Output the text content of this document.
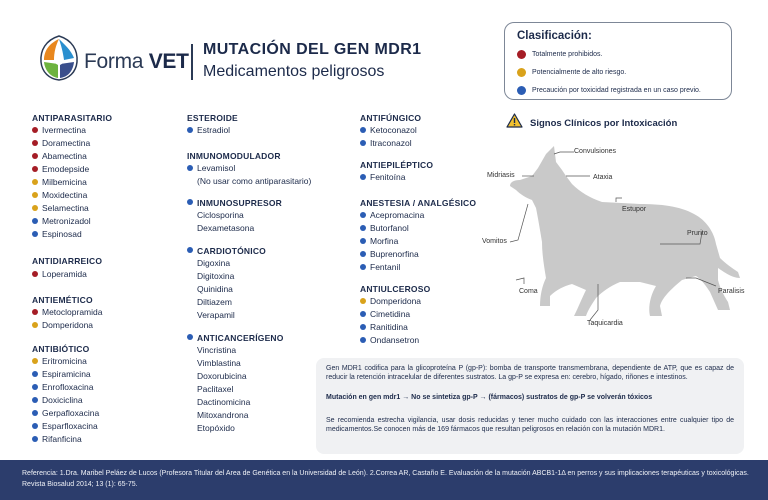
Forma VET
MUTACIÓN DEL GEN MDR1
Medicamentos peligrosos
Clasificación:
Totalmente prohibidos.
Potencialmente de alto riesgo.
Precaución por toxicidad registrada en un caso previo.
ANTIPARASITARIO
Ivermectina
Doramectina
Abamectina
Emodepside
Milbemicina
Moxidectina
Selamectina
Metronizadol
Espinosad
ANTIDIARREICO
Loperamida
ANTIEMÉTICO
Metoclopramida
Domperidona
ANTIBIÓTICO
Eritromicina
Espiramicina
Enrofloxacina
Doxiciclina
Gerpafloxacina
Esparfloxacina
Rifanficina
ESTEROIDE
Estradiol
INMUNOMODULADOR
Levamisol
(No usar como antiparasitario)
INMUNOSUPRESOR
Ciclosporina
Dexametasona
CARDIOTÓNICO
Digoxina
Digitoxina
Quinidina
Diltiazem
Verapamil
ANTICANCERÍGENO
Vincristina
Vimblastina
Doxorubicina
Paclitaxel
Dactinomicina
Mitoxandrona
Etopóxido
ANTIFÚNGICO
Ketoconazol
Itraconazol
ANTIEPILÉPTICO
Fenitoína
ANESTESIA / ANALGÉSICO
Acepromacina
Butorfanol
Morfina
Buprenorfina
Fentanil
ANTIULCEROSO
Domperidona
Cimetidina
Ranitidina
Ondansetron
Signos Clínicos por Intoxicación
Convulsiones
Midriasis	Ataxia
Estupor
Prurito
Vomitos
Coma	Paralisis
Taquicardia
Gen MDR1 codifica para la glicoproteína P (gp-P): bomba de transporte transmembrana, dependiente de ATP, que es capaz de reducir la retención intracelular de diferentes sustratos. La gp-P se expresa en: cerebro, hígado, riñones e intestinos.
Mutación en gen mdr1 → No se sintetiza gp-P → (fármacos) sustratos de gp-P se volverán tóxicos
Se recomienda estrecha vigilancia, usar dosis reducidas y tener mucho cuidado con las interacciones entre cualquier tipo de medicamentos.Se conocen más de 169 fármacos que resultan peligrosos en relación con la mutación MDR1.
Referencia: 1.Dra. Maribel Peláez de Lucos (Profesora Titular del Area de Genética en la Universidad de León). 2.Correa AR, Castaño E. Evaluación de la mutación ABCB1-1Δ en perros y sus implicaciones terapéuticas y toxicológicas. Revista Biosalud 2014; 13 (1): 65-75.
